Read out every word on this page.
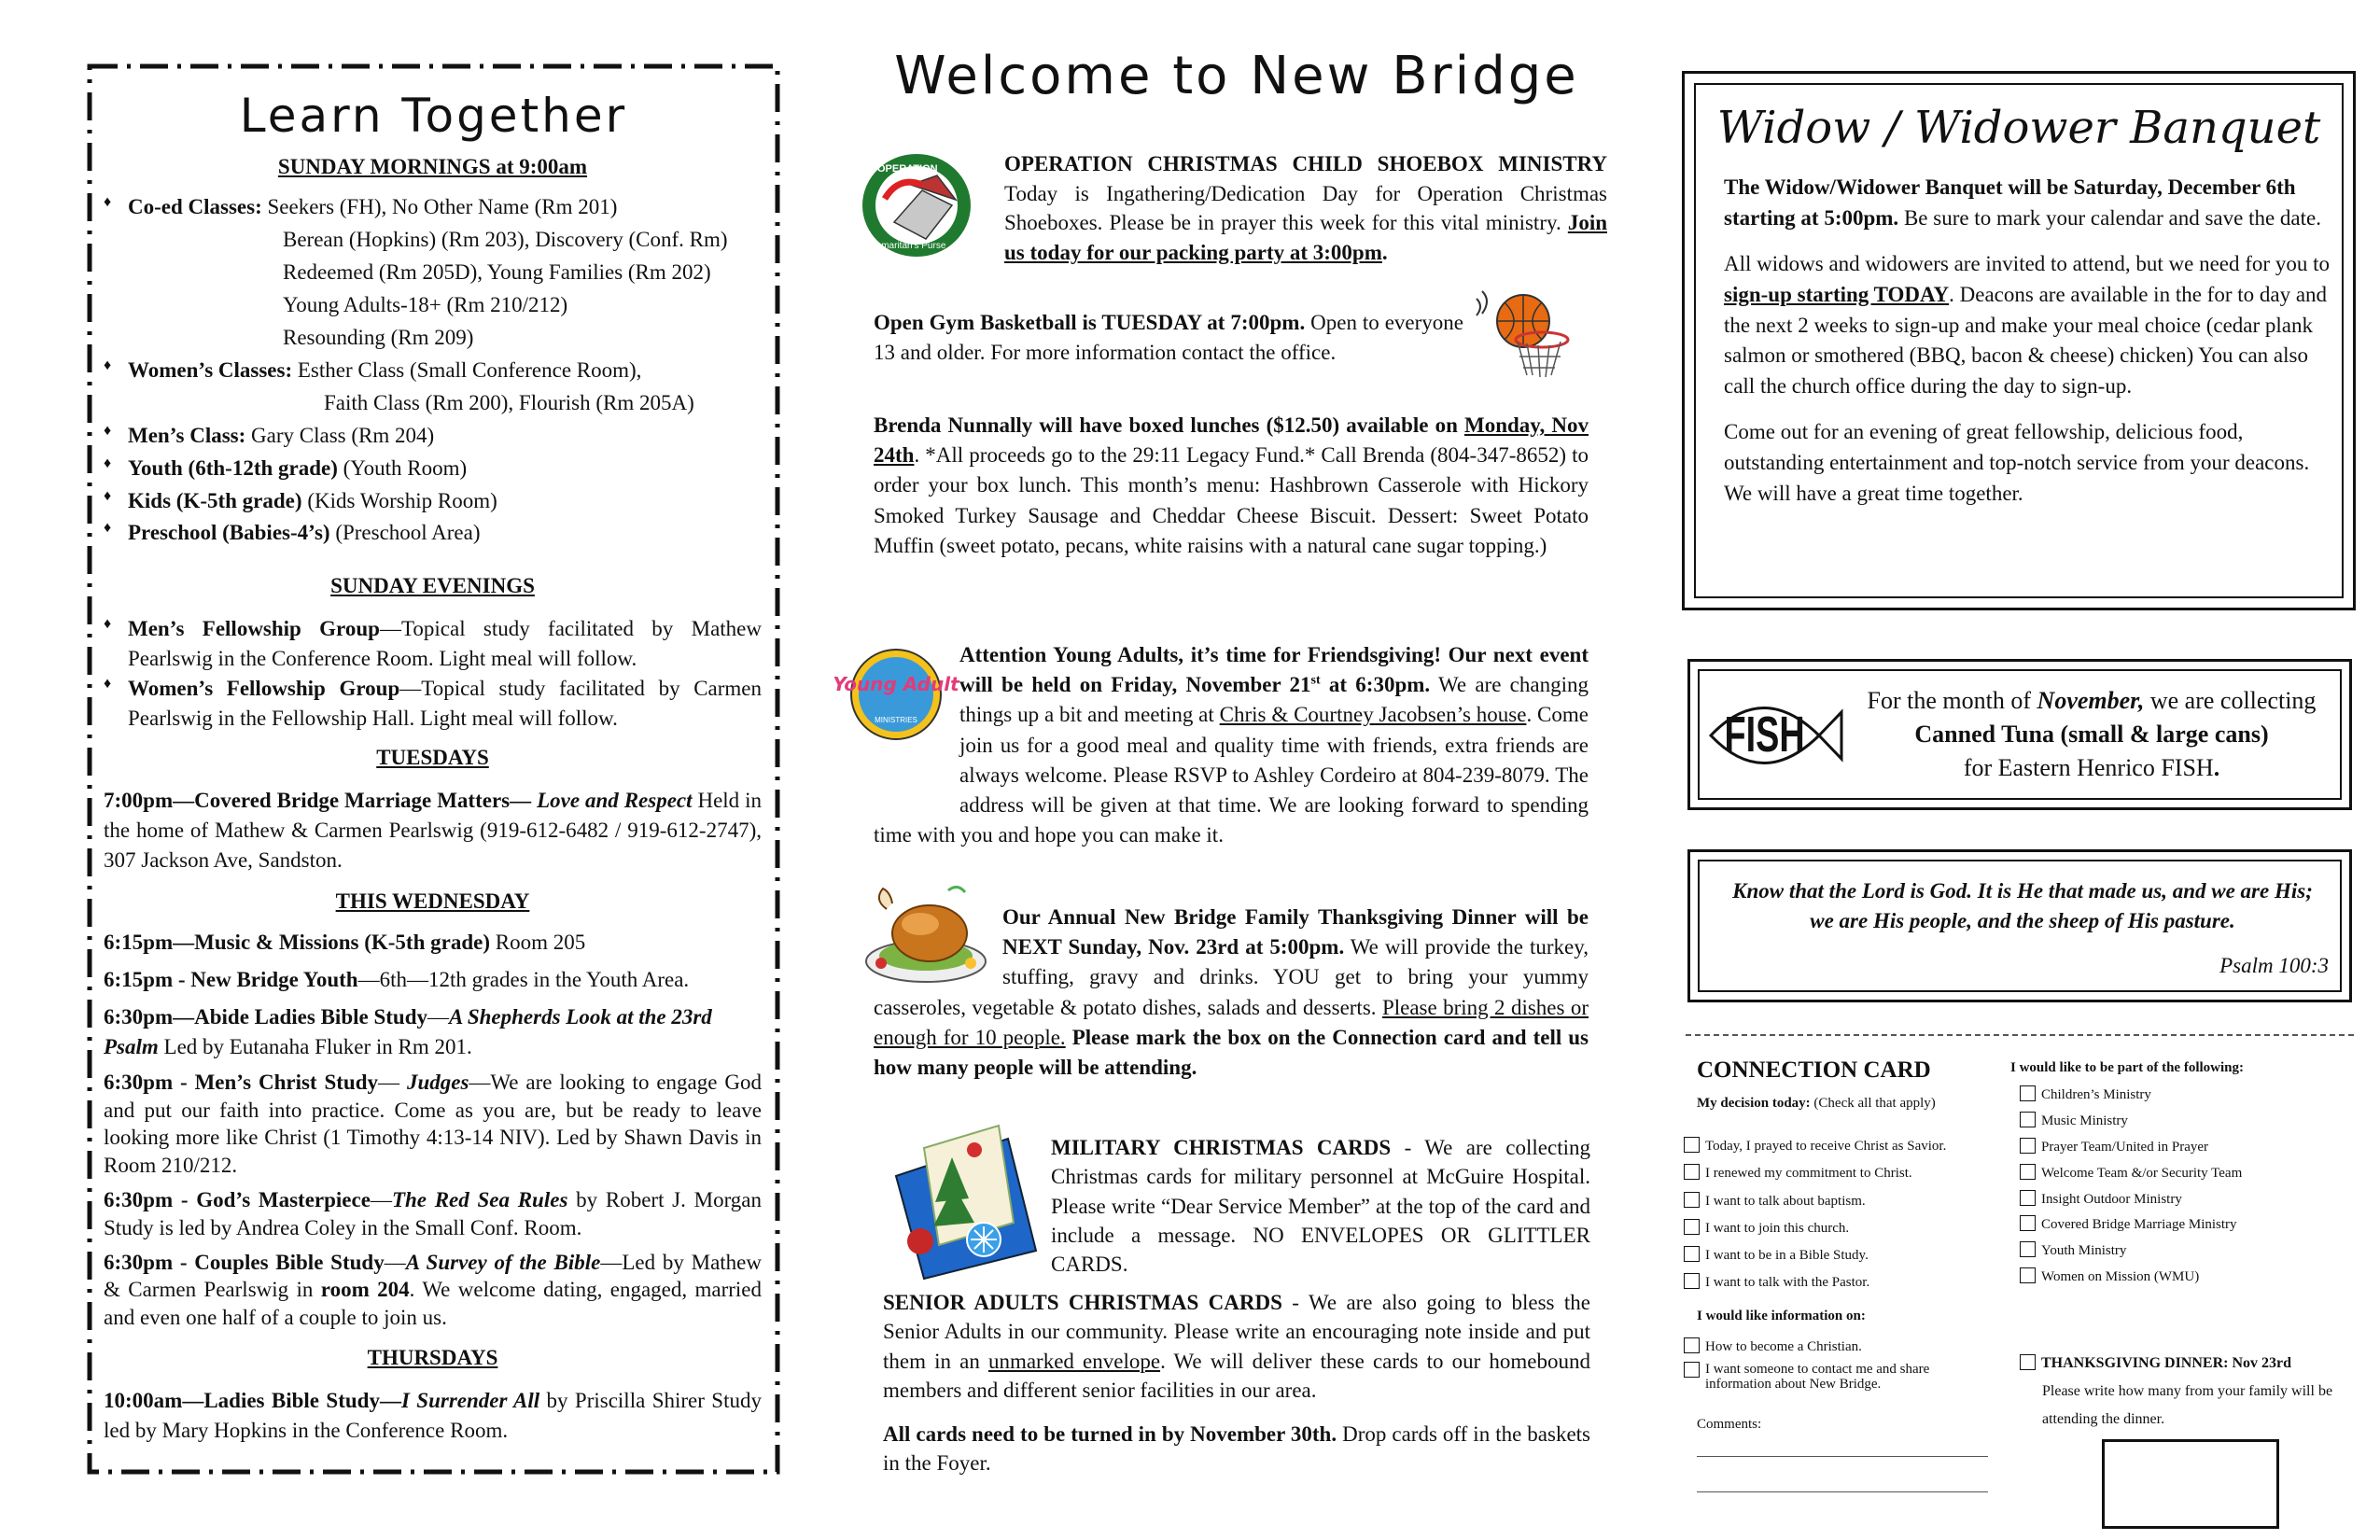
Learn Together
SUNDAY MORNINGS at 9:00am
♦ Co-ed Classes: Seekers (FH), No Other Name (Rm 201)
Berean (Hopkins) (Rm 203), Discovery (Conf. Rm)
Redeemed (Rm 205D), Young Families (Rm 202)
Young Adults-18+ (Rm 210/212)
Resounding (Rm 209)
♦ Women’s Classes: Esther Class (Small Conference Room),
Faith Class (Rm 200), Flourish (Rm 205A)
♦ Men’s Class: Gary Class (Rm 204)
♦ Youth (6th-12th grade) (Youth Room)
♦ Kids (K-5th grade) (Kids Worship Room)
♦ Preschool (Babies-4’s) (Preschool Area)
SUNDAY EVENINGS
♦ Men’s Fellowship Group—Topical study facilitated by Mathew Pearlswig in the Conference Room. Light meal will follow.
♦ Women’s Fellowship Group—Topical study facilitated by Carmen Pearlswig in the Fellowship Hall. Light meal will follow.
TUESDAYS
7:00pm—Covered Bridge Marriage Matters— Love and Respect Held in the home of Mathew & Carmen Pearlswig (919-612-6482 / 919-612-2747), 307 Jackson Ave, Sandston.
THIS WEDNESDAY
6:15pm—Music & Missions (K-5th grade) Room 205
6:15pm - New Bridge Youth—6th—12th grades in the Youth Area.
6:30pm—Abide Ladies Bible Study—A Shepherds Look at the 23rd Psalm Led by Eutanaha Fluker in Rm 201.
6:30pm - Men’s Christ Study— Judges—We are looking to engage God and put our faith into practice. Come as you are, but be ready to leave looking more like Christ (1 Timothy 4:13-14 NIV). Led by Shawn Davis in Room 210/212.
6:30pm - God’s Masterpiece—The Red Sea Rules by Robert J. Morgan Study is led by Andrea Coley in the Small Conf. Room.
6:30pm - Couples Bible Study—A Survey of the Bible—Led by Mathew & Carmen Pearlswig in room 204. We welcome dating, engaged, married and even one half of a couple to join us.
THURSDAYS
10:00am—Ladies Bible Study—I Surrender All by Priscilla Shirer Study led by Mary Hopkins in the Conference Room.
Welcome to New Bridge
OPERATION
Samaritan's Purse
OPERATION CHRISTMAS CHILD SHOEBOX MINISTRY Today is Ingathering/Dedication Day for Operation Christmas Shoeboxes. Please be in prayer this week for this vital ministry. Join us today for our packing party at 3:00pm.
Open Gym Basketball is TUESDAY at 7:00pm. Open to everyone 13 and older. For more information contact the office.
Brenda Nunnally will have boxed lunches ($12.50) available on Monday, Nov 24th. *All proceeds go to the 29:11 Legacy Fund.* Call Brenda (804-347-8652) to order your box lunch. This month’s menu: Hashbrown Casserole with Hickory Smoked Turkey Sausage and Cheddar Cheese Biscuit. Dessert: Sweet Potato Muffin (sweet potato, pecans, white raisins with a natural cane sugar topping.)
Young Adult
MINISTRIES
Attention Young Adults, it’s time for Friendsgiving! Our next event will be held on Friday, November 21st at 6:30pm. We are changing things up a bit and meeting at Chris & Courtney Jacobsen’s house. Come join us for a good meal and quality time with friends, extra friends are always welcome. Please RSVP to Ashley Cordeiro at 804-239-8079. The address will be given at that time. We are looking forward to spending time with you and hope you can make it.
Our Annual New Bridge Family Thanksgiving Dinner will be NEXT Sunday, Nov. 23rd at 5:00pm. We will provide the turkey, stuffing, gravy and drinks. YOU get to bring your yummy casseroles, vegetable & potato dishes, salads and desserts. Please bring 2 dishes or enough for 10 people. Please mark the box on the Connection card and tell us how many people will be attending.
MILITARY CHRISTMAS CARDS - We are collecting Christmas cards for military personnel at McGuire Hospital. Please write “Dear Service Member” at the top of the card and include a message. NO ENVELOPES OR GLITTLER CARDS.
SENIOR ADULTS CHRISTMAS CARDS - We are also going to bless the Senior Adults in our community. Please write an encouraging note inside and put them in an unmarked envelope. We will deliver these cards to our homebound members and different senior facilities in our area.
All cards need to be turned in by November 30th. Drop cards off in the baskets in the Foyer.
Widow / Widower Banquet

The Widow/Widower Banquet will be Saturday, December 6th starting at 5:00pm. Be sure to mark your calendar and save the date.

All widows and widowers are invited to attend, but we need for you to sign-up starting TODAY. Deacons are available in the for to day and the next 2 weeks to sign-up and make your meal choice (cedar plank salmon or smothered (BBQ, bacon & cheese) chicken) You can also call the church office during the day to sign-up.

Come out for an evening of great fellowship, delicious food, outstanding entertainment and top-notch service from your deacons. We will have a great time together.

FISH
For the month of November, we are collecting
Canned Tuna (small & large cans)
for Eastern Henrico FISH.
Know that the Lord is God. It is He that made us, and we are His; we are His people, and the sheep of His pasture.
Psalm 100:3
CONNECTION CARD
My decision today: (Check all that apply)
Today, I prayed to receive Christ as Savior.
I renewed my commitment to Christ.
I want to talk about baptism.
I want to join this church.
I want to be in a Bible Study.
I want to talk with the Pastor.
I would like information on:
How to become a Christian.
I want someone to contact me and share information about New Bridge.
Comments:
I would like to be part of the following:
Children’s Ministry
Music Ministry
Prayer Team/United in Prayer
Welcome Team &/or Security Team
Insight Outdoor Ministry
Covered Bridge Marriage Ministry
Youth Ministry
Women on Mission (WMU)
THANKSGIVING DINNER: Nov 23rd
Please write how many from your family will be attending the dinner.
